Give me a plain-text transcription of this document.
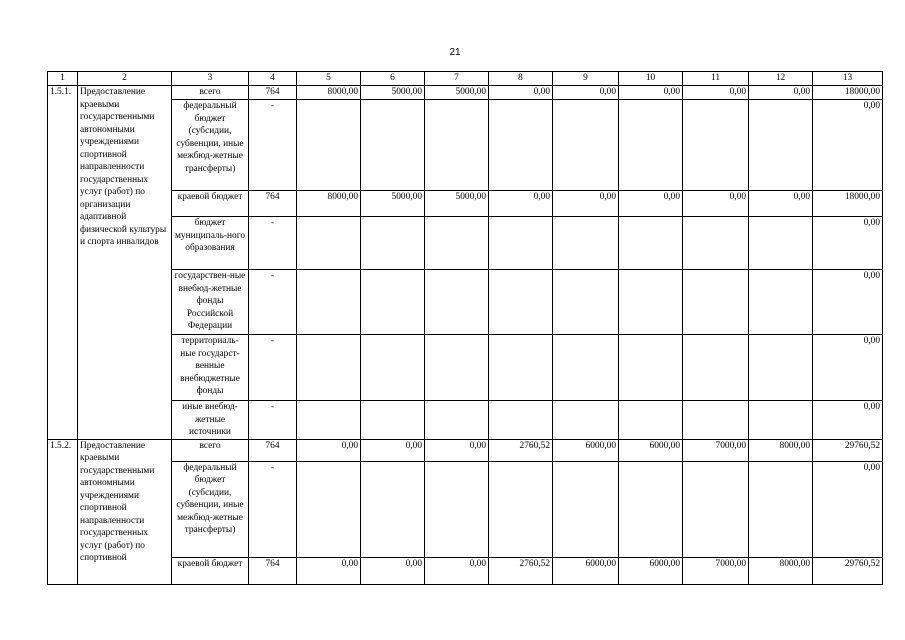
21
1	2	3	4	5	6	7	8	9	10	11	12	13
1.5.1.	Предоставление краевыми государственными автономными учреждениями спортивной направленности государственных услуг (работ) по организации адаптивной физической культуры и спорта инвалидов	всего	764	8000,00	5000,00	5000,00	0,00	0,00	0,00	0,00	0,00	18000,00
		федеральный бюджет (субсидии, субвенции, иные межбюд-жетные трансферты)	-									0,00
		краевой бюджет	764	8000,00	5000,00	5000,00	0,00	0,00	0,00	0,00	0,00	18000,00
		бюджет муниципаль-ного образования	-									0,00
		государствен-ные внебюд-жетные фонды Российской Федерации	-									0,00
		территориаль-ные государст-венные внебюджетные фонды	-									0,00
		иные внебюд-жетные источники	-									0,00
1.5.2.	Предоставление краевыми государственными автономными учреждениями спортивной направленности государственных услуг (работ) по спортивной	всего	764	0,00	0,00	0,00	2760,52	6000,00	6000,00	7000,00	8000,00	29760,52
		федеральный бюджет (субсидии, субвенции, иные межбюд-жетные трансферты)	-									0,00
		краевой бюджет	764	0,00	0,00	0,00	2760,52	6000,00	6000,00	7000,00	8000,00	29760,52
